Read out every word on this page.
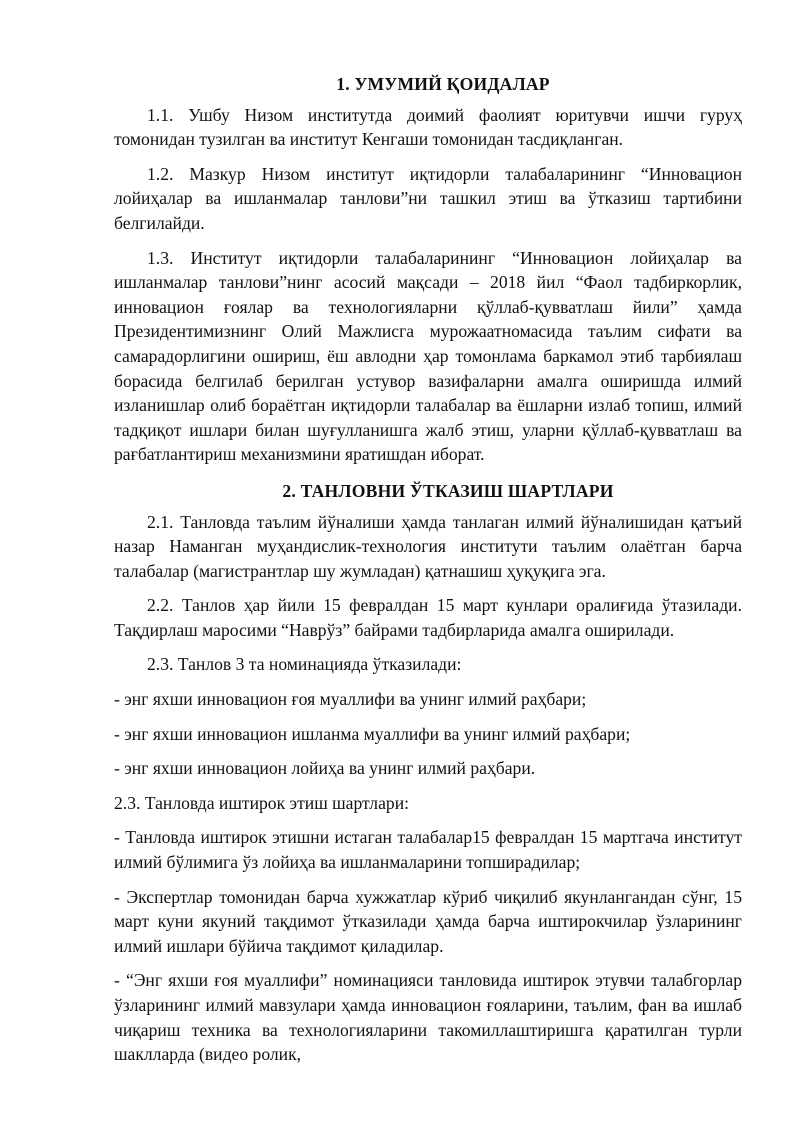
1. УМУМИЙ ҚОИДАЛАР

1.1. Ушбу Низом институтда доимий фаолият юритувчи ишчи гуруҳ томонидан тузилган ва институт Кенгаши томонидан тасдиқланган.

1.2. Мазкур Низом институт иқтидорли талабаларининг “Инновацион лойиҳалар ва ишланмалар танлови”ни ташкил этиш ва ўтказиш тартибини белгилайди.

1.3. Институт иқтидорли талабаларининг “Инновацион лойиҳалар ва ишланмалар танлови”нинг асосий мақсади – 2018 йил “Фаол тадбиркорлик, инновацион ғоялар ва технологияларни қўллаб-қувватлаш йили” ҳамда Президентимизнинг Олий Мажлисга мурожаатномасида таълим сифати ва самарадорлигини ошириш, ёш авлодни ҳар томонлама баркамол этиб тарбиялаш борасида белгилаб берилган устувор вазифаларни амалга оширишда илмий изланишлар олиб бораётган иқтидорли талабалар ва ёшларни излаб топиш, илмий тадқиқот ишлари билан шуғулланишга жалб этиш, уларни қўллаб-қувватлаш ва рағбатлантириш механизмини яратишдан иборат.

2. ТАНЛОВНИ ЎТКАЗИШ ШАРТЛАРИ

2.1. Танловда таълим йўналиши ҳамда танлаган илмий йўналишидан қатъий назар Наманган муҳандислик-технология институти таълим олаётган барча талабалар (магистрантлар шу жумладан) қатнашиш ҳуқуқига эга.

2.2. Танлов ҳар йили 15 февралдан 15 март кунлари оралиғида ўтазилади. Тақдирлаш маросими “Наврўз” байрами тадбирларида амалга оширилади.

2.3. Танлов 3 та номинацияда ўтказилади:

- энг яхши инновацион ғоя муаллифи ва унинг илмий раҳбари;

- энг яхши инновацион ишланма муаллифи ва унинг илмий раҳбари;

- энг яхши инновацион лойиҳа ва унинг илмий раҳбари.

2.3. Танловда иштирок этиш шартлари:

- Танловда иштирок этишни истаган талабалар15 февралдан 15 мартгача институт илмий бўлимига ўз лойиҳа ва ишланмаларини топширадилар;

- Экспертлар томонидан барча хужжатлар кўриб чиқилиб якунлангандан сўнг, 15 март куни якуний тақдимот ўтказилади ҳамда барча иштирокчилар ўзларининг илмий ишлари бўйича тақдимот қиладилар.

- “Энг яхши ғоя муаллифи” номинацияси танловида иштирок этувчи талабгорлар ўзларининг илмий мавзулари ҳамда инновацион ғояларини, таълим, фан ва ишлаб чиқариш техника ва технологияларини такомиллаштиришга қаратилган турли шаклларда (видео ролик,
